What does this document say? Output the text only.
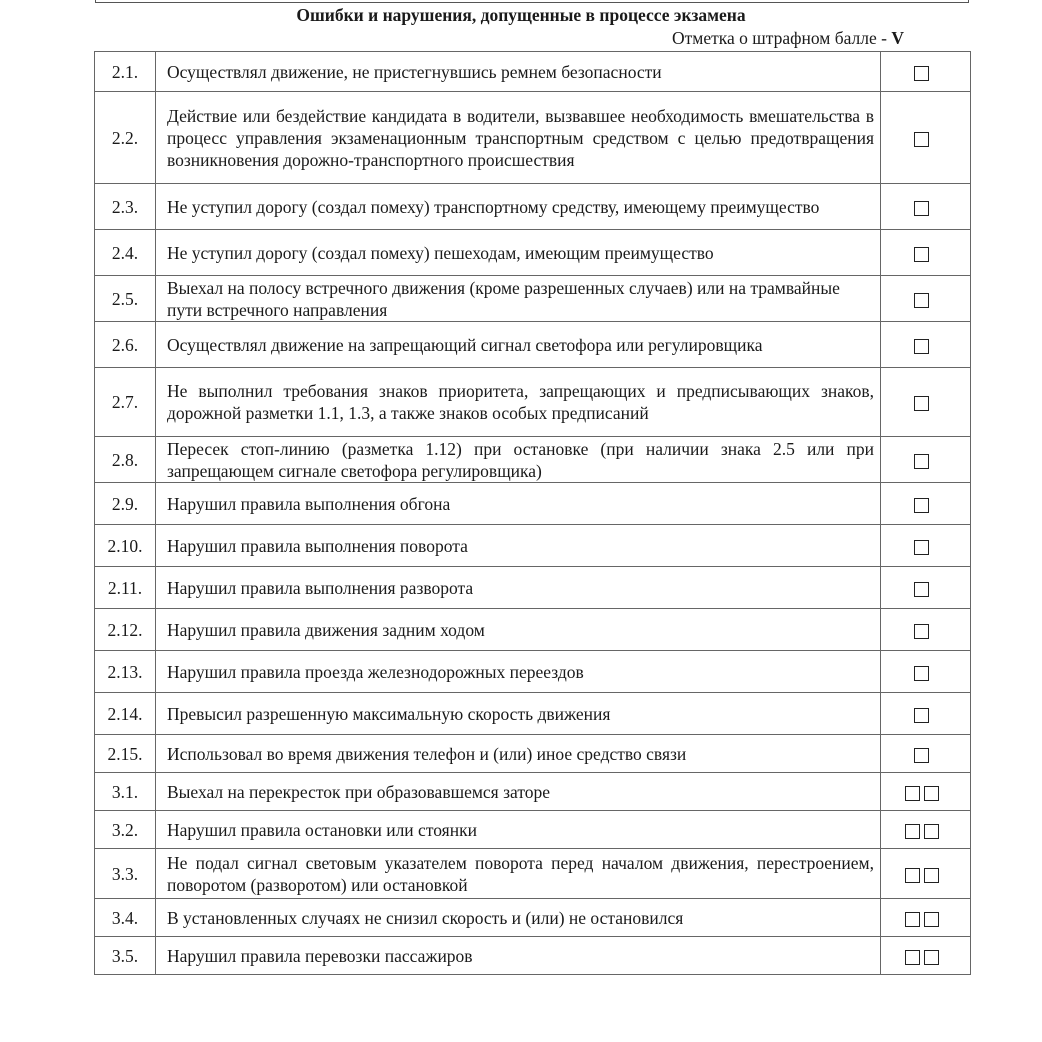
Ошибки и нарушения, допущенные в процессе экзамена
Отметка о штрафном балле - V
2.1.	Осуществлял движение, не пристегнувшись ремнем безопасности	
2.2.	Действие или бездействие кандидата в водители, вызвавшее необходимость вмешательства в процесс управления экзаменационным транспортным средством с целью предотвращения возникновения дорожно-транспортного происшествия	
2.3.	Не уступил дорогу (создал помеху) транспортному средству, имеющему преимущество	
2.4.	Не уступил дорогу (создал помеху) пешеходам, имеющим преимущество	
2.5.	Выехал на полосу встречного движения (кроме разрешенных случаев) или на трамвайные пути встречного направления	
2.6.	Осуществлял движение на запрещающий сигнал светофора или регулировщика	
2.7.	Не выполнил требования знаков приоритета, запрещающих и предписывающих знаков, дорожной разметки 1.1, 1.3, а также знаков особых предписаний	
2.8.	Пересек стоп-линию (разметка 1.12) при остановке (при наличии знака 2.5 или при запрещающем сигнале светофора регулировщика)	
2.9.	Нарушил правила выполнения обгона	
2.10.	Нарушил правила выполнения поворота	
2.11.	Нарушил правила выполнения разворота	
2.12.	Нарушил правила движения задним ходом	
2.13.	Нарушил правила проезда железнодорожных переездов	
2.14.	Превысил разрешенную максимальную скорость движения	
2.15.	Использовал во время движения телефон и (или) иное средство связи	
3.1.	Выехал на перекресток при образовавшемся заторе	
3.2.	Нарушил правила остановки или стоянки	
3.3.	Не подал сигнал световым указателем поворота перед началом движения, перестроением, поворотом (разворотом) или остановкой	
3.4.	В установленных случаях не снизил скорость и (или) не остановился	
3.5.	Нарушил правила перевозки пассажиров	
